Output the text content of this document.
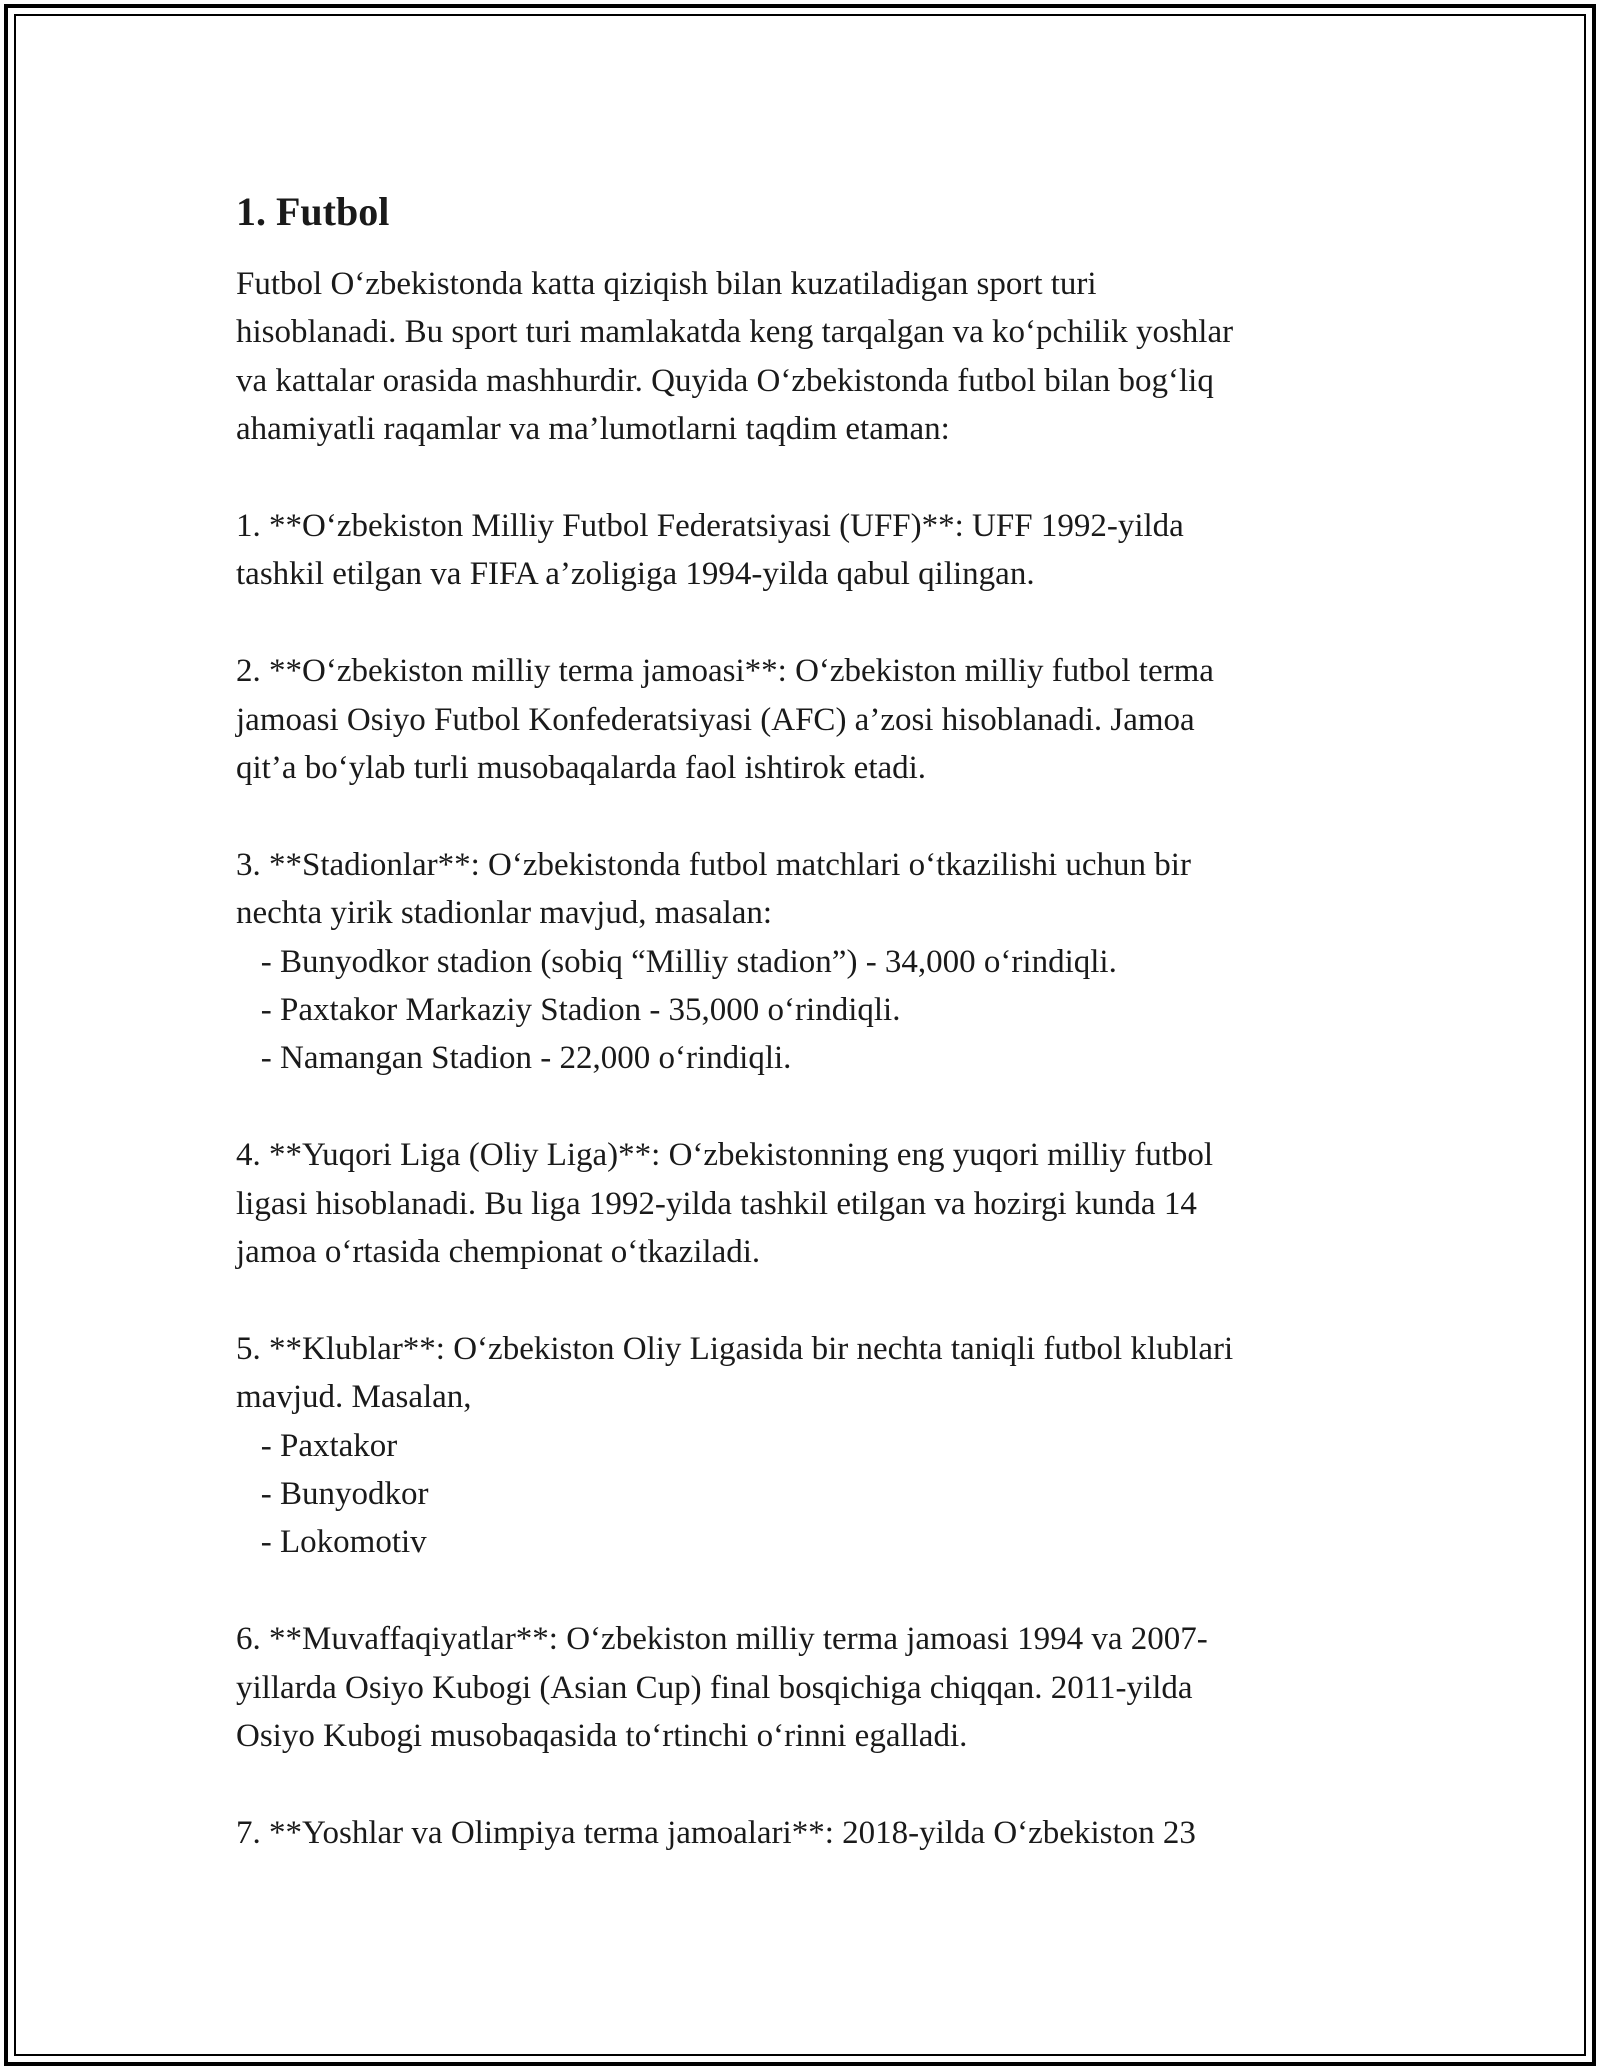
1. Futbol
Futbol O‘zbekistonda katta qiziqish bilan kuzatiladigan sport turi
hisoblanadi. Bu sport turi mamlakatda keng tarqalgan va ko‘pchilik yoshlar
va kattalar orasida mashhurdir. Quyida O‘zbekistonda futbol bilan bog‘liq
ahamiyatli raqamlar va ma’lumotlarni taqdim etaman:
1. **O‘zbekiston Milliy Futbol Federatsiyasi (UFF)**: UFF 1992-yilda
tashkil etilgan va FIFA a’zoligiga 1994-yilda qabul qilingan.
2. **O‘zbekiston milliy terma jamoasi**: O‘zbekiston milliy futbol terma
jamoasi Osiyo Futbol Konfederatsiyasi (AFC) a’zosi hisoblanadi. Jamoa
qit’a bo‘ylab turli musobaqalarda faol ishtirok etadi.
3. **Stadionlar**: O‘zbekistonda futbol matchlari o‘tkazilishi uchun bir
nechta yirik stadionlar mavjud, masalan:
- Bunyodkor stadion (sobiq “Milliy stadion”) - 34,000 o‘rindiqli.
- Paxtakor Markaziy Stadion - 35,000 o‘rindiqli.
- Namangan Stadion - 22,000 o‘rindiqli.
4. **Yuqori Liga (Oliy Liga)**: O‘zbekistonning eng yuqori milliy futbol
ligasi hisoblanadi. Bu liga 1992-yilda tashkil etilgan va hozirgi kunda 14
jamoa o‘rtasida chempionat o‘tkaziladi.
5. **Klublar**: O‘zbekiston Oliy Ligasida bir nechta taniqli futbol klublari
mavjud. Masalan,
- Paxtakor
- Bunyodkor
- Lokomotiv
6. **Muvaffaqiyatlar**: O‘zbekiston milliy terma jamoasi 1994 va 2007-
yillarda Osiyo Kubogi (Asian Cup) final bosqichiga chiqqan. 2011-yilda
Osiyo Kubogi musobaqasida to‘rtinchi o‘rinni egalladi.
7. **Yoshlar va Olimpiya terma jamoalari**: 2018-yilda O‘zbekiston 23
